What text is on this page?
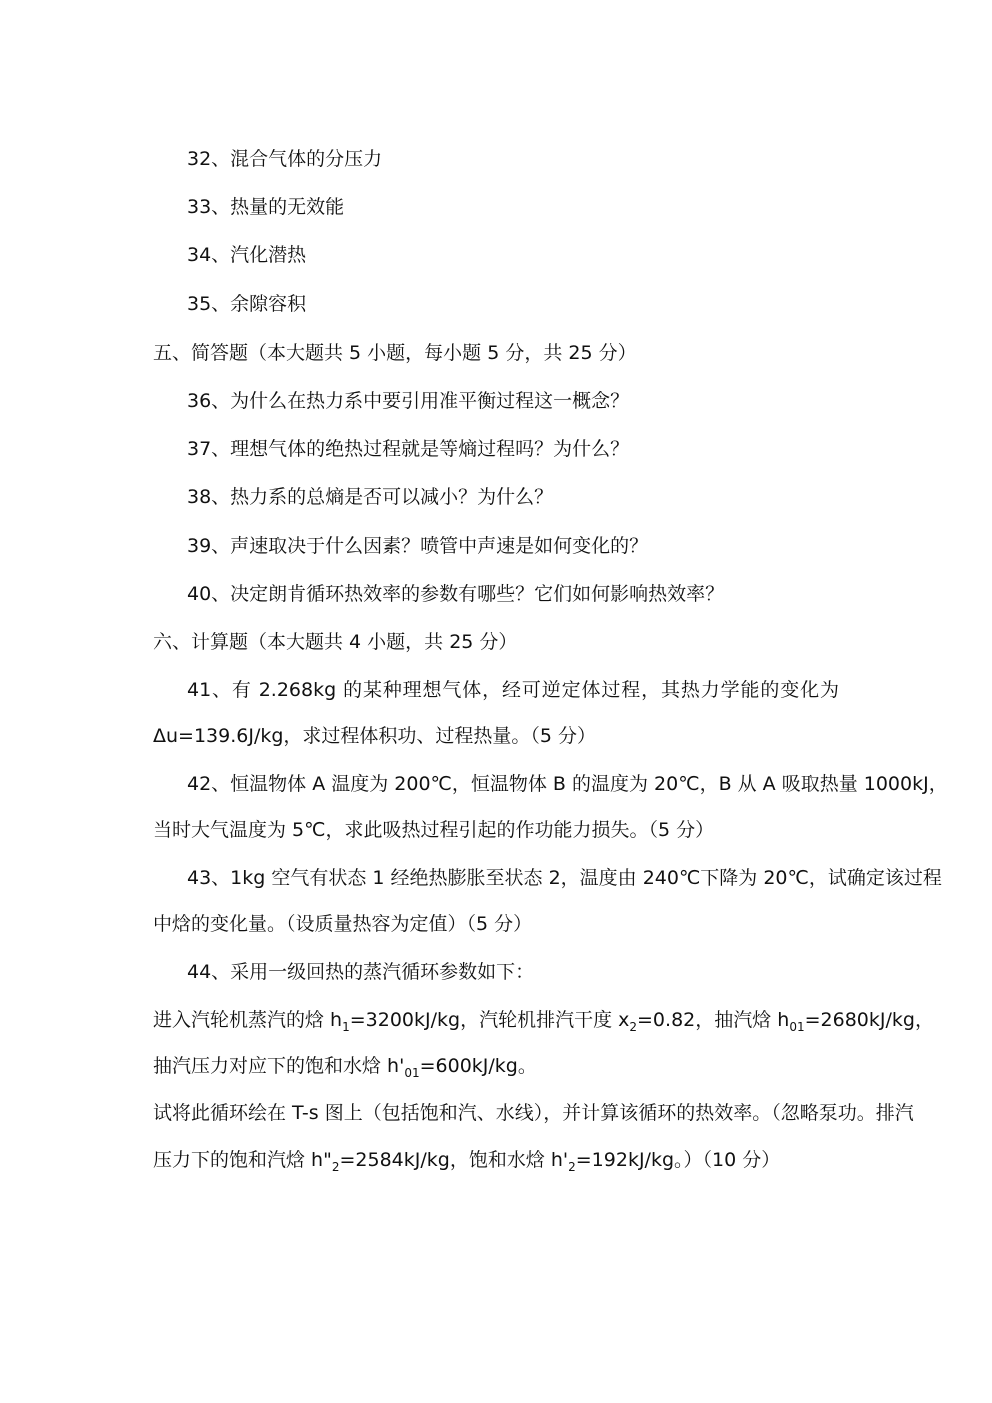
32、混合气体的分压力
33、热量的无效能
34、汽化潜热
35、余隙容积
五、简答题（本大题共 5 小题，每小题 5 分，共 25 分）
36、为什么在热力系中要引用准平衡过程这一概念？
37、理想气体的绝热过程就是等熵过程吗？为什么？
38、热力系的总熵是否可以减小？为什么？
39、声速取决于什么因素？喷管中声速是如何变化的？
40、决定朗肯循环热效率的参数有哪些？它们如何影响热效率？
六、计算题（本大题共 4 小题，共 25 分）
41、有 2.268kg 的某种理想气体，经可逆定体过程，其热力学能的变化为
Δu=139.6J/kg，求过程体积功、过程热量。（5 分）
42、恒温物体 A 温度为 200℃，恒温物体 B 的温度为 20℃，B 从 A 吸取热量 1000kJ，
当时大气温度为 5℃，求此吸热过程引起的作功能力损失。（5 分）
43、1kg 空气有状态 1 经绝热膨胀至状态 2，温度由 240℃下降为 20℃，试确定该过程
中焓的变化量。（设质量热容为定值）（5 分）
44、采用一级回热的蒸汽循环参数如下：
进入汽轮机蒸汽的焓 $h_1=3200kJ/kg$，汽轮机排汽干度 $x_2=0.82$，抽汽焓 $h_{01}=2680kJ/kg$，
抽汽压力对应下的饱和水焓 $h'_{01}=600kJ/kg$。
试将此循环绘在 T-s 图上（包括饱和汽、水线），并计算该循环的热效率。（忽略泵功。排汽
压力下的饱和汽焓 $h"_2=2584kJ/kg$，饱和水焓 $h'_2=192kJ/kg$。）（10 分）
